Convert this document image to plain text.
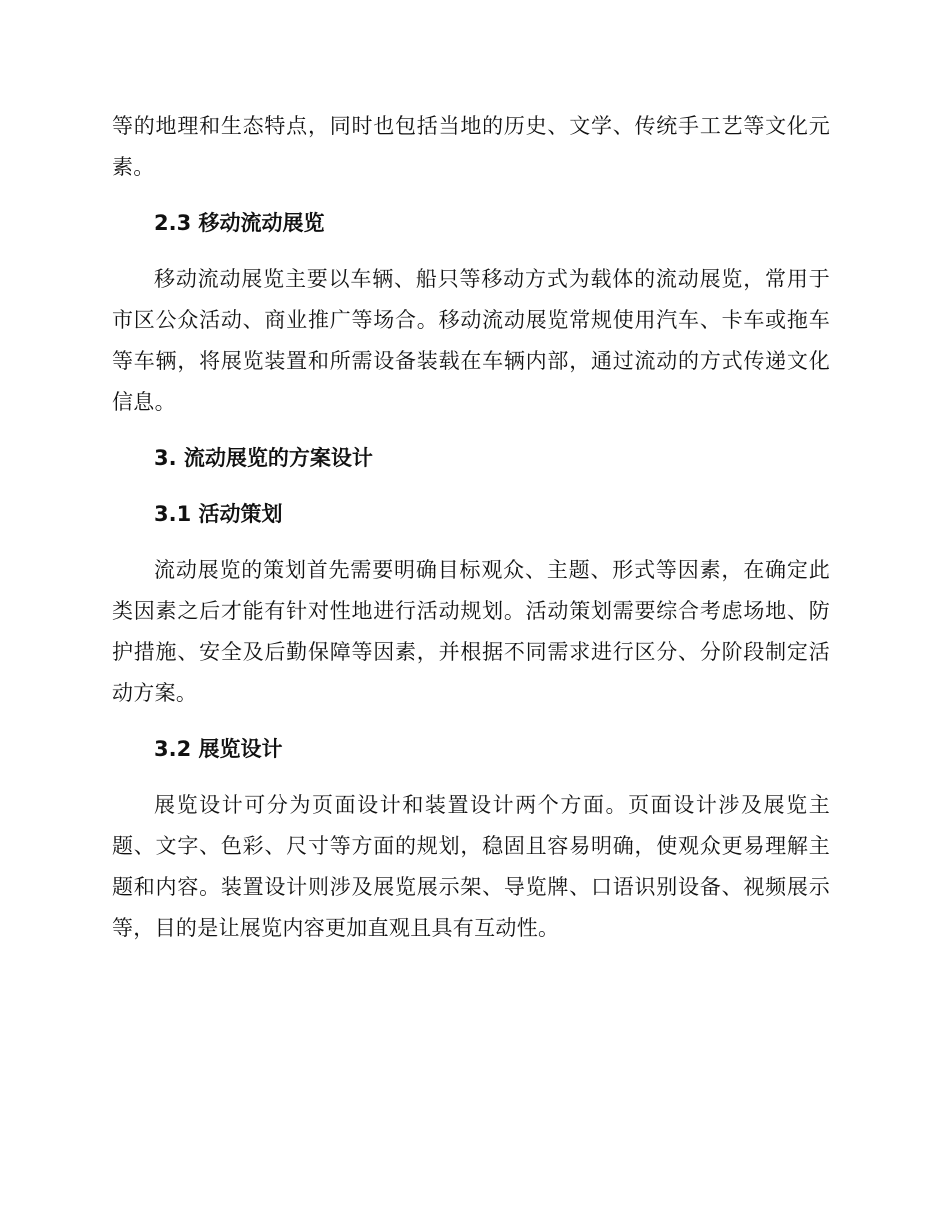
等的地理和生态特点，同时也包括当地的历史、文学、传统手工艺等文化元素。

2.3 移动流动展览

移动流动展览主要以车辆、船只等移动方式为载体的流动展览，常用于市区公众活动、商业推广等场合。移动流动展览常规使用汽车、卡车或拖车等车辆，将展览装置和所需设备装载在车辆内部，通过流动的方式传递文化信息。

3. 流动展览的方案设计
3.1 活动策划

流动展览的策划首先需要明确目标观众、主题、形式等因素，在确定此类因素之后才能有针对性地进行活动规划。活动策划需要综合考虑场地、防护措施、安全及后勤保障等因素，并根据不同需求进行区分、分阶段制定活动方案。

3.2 展览设计

展览设计可分为页面设计和装置设计两个方面。页面设计涉及展览主题、文字、色彩、尺寸等方面的规划，稳固且容易明确，使观众更易理解主题和内容。装置设计则涉及展览展示架、导览牌、口语识别设备、视频展示等，目的是让展览内容更加直观且具有互动性。
